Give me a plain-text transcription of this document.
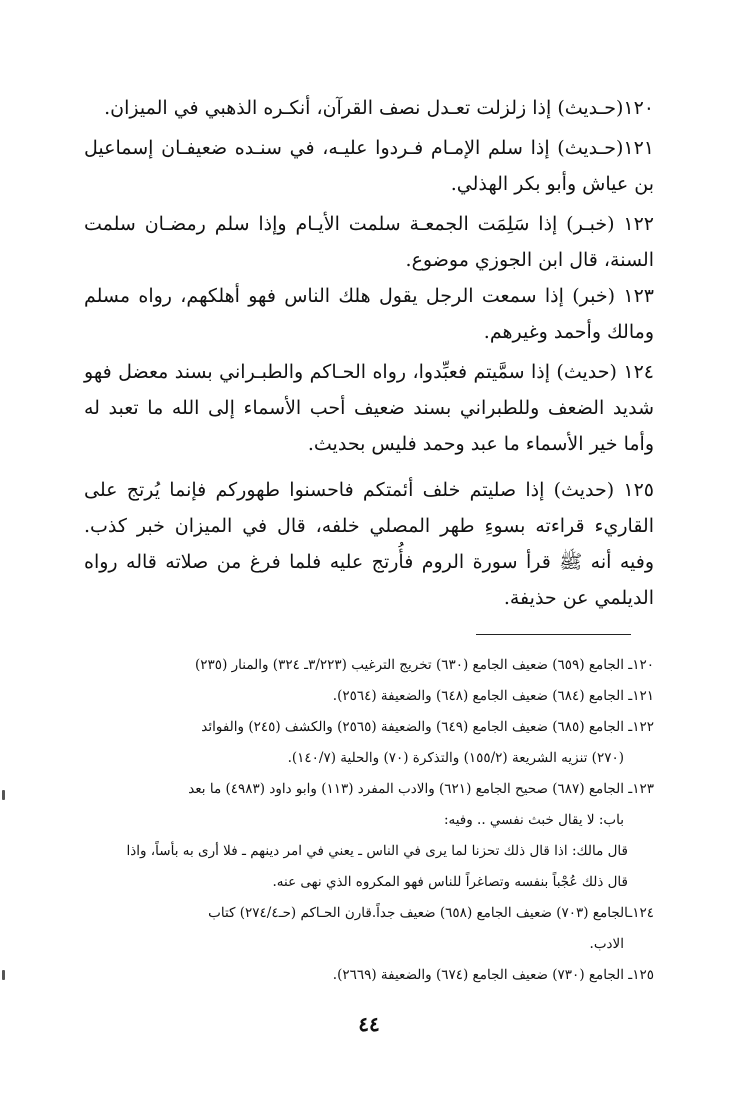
١٢٠(حـديث) إذا زلزلت تعـدل نصف القرآن، أنكـره الذهبي في الميزان.

١٢١(حـديث) إذا سلم الإمـام فـردوا عليـه، في سنـده ضعيفـان إسماعيل بن عياش وأبو بكر الهذلي.

١٢٢ (خبـر) إذا سَلِمَت الجمعـة سلمت الأيـام وإذا سلم رمضـان سلمت السنة، قال ابن الجوزي موضوع.

١٢٣ (خبر) إذا سمعت الرجل يقول هلك الناس فهو أهلكهم، رواه مسلم ومالك وأحمد وغيرهم.

١٢٤ (حديث) إذا سمَّيتم فعبِّدوا، رواه الحـاكم والطبـراني بسند معضل فهو شديد الضعف وللطبراني بسند ضعيف أحب الأسماء إلى الله ما تعبد له وأما خير الأسماء ما عبد وحمد فليس بحديث.

١٢٥ (حديث) إذا صليتم خلف أئمتكم فاحسنوا طهوركم فإنما يُرتج على القاريء قراءته بسوءِ طهر المصلي خلفه، قال في الميزان خبر كذب. وفيه أنه ﷺ قرأ سورة الروم فأُرتج عليه فلما فرغ من صلاته قاله رواه الديلمي عن حذيفة.

١٢٠ـ الجامع (٦٥٩) ضعيف الجامع (٦٣٠) تخريج الترغيب (٣/٢٢٣ـ ٣٢٤) والمنار (٢٣٥)

١٢١ـ الجامع (٦٨٤) ضعيف الجامع (٦٤٨) والضعيفة (٢٥٦٤).

١٢٢ـ الجامع (٦٨٥) ضعيف الجامع (٦٤٩) والضعيفة (٢٥٦٥) والكشف (٢٤٥) والفوائد

(٢٧٠) تنزيه الشريعة (١٥٥/٢) والتذكرة (٧٠) والحلية (١٤٠/٧).

١٢٣ـ الجامع (٦٨٧) صحيح الجامع (٦٢١) والادب المفرد (١١٣) وابو داود (٤٩٨٣) ما بعد

باب: لا يقال خبث نفسي .. وفيه:

قال مالك: اذا قال ذلك تحزنا لما يرى في الناس ـ يعني في امر دينهم ـ فلا أرى به بأساً، واذا

قال ذلك عُجْباً بنفسه وتصاغراً للناس فهو المكروه الذي نهى عنه.

١٢٤ـالجامع (٧٠٣) ضعيف الجامع (٦٥٨) ضعيف جداً.قارن الحـاكم (حـ٢٧٤/٤) كتاب

الادب.

١٢٥ـ الجامع (٧٣٠) ضعيف الجامع (٦٧٤) والضعيفة (٢٦٦٩).

٤٤
